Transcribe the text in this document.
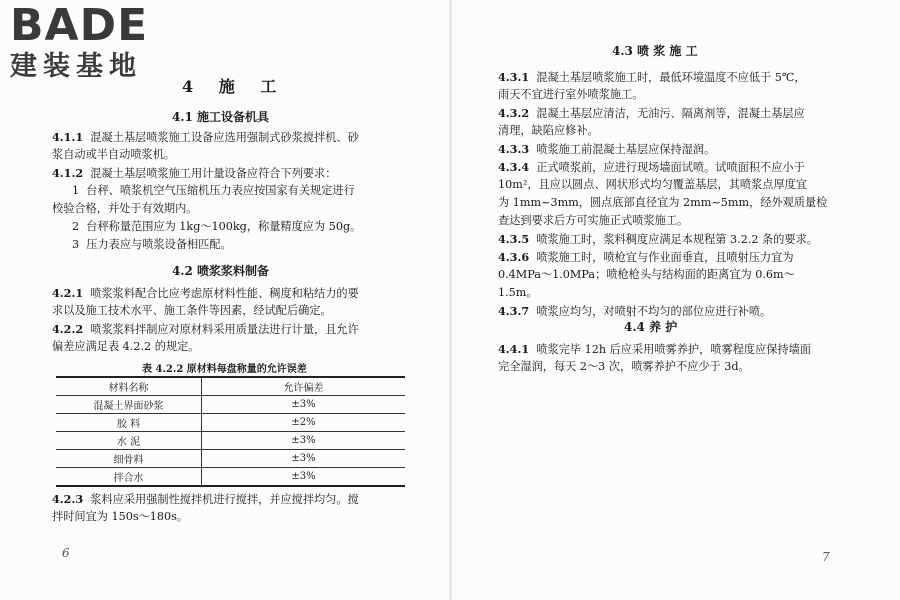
BADE
建装基地
4 施 工
4.1 施工设备机具
4.1.1 混凝土基层喷浆施工设备应选用强制式砂浆搅拌机、砂
浆自动或半自动喷浆机。
4.1.2 混凝土基层喷浆施工用计量设备应符合下列要求：
1 台秤、喷浆机空气压缩机压力表应按国家有关规定进行
校验合格，并处于有效期内。
2 台秤称量范围应为 1kg～100kg，称量精度应为 50g。
3 压力表应与喷浆设备相匹配。
4.2 喷浆浆料制备
4.2.1 喷浆浆料配合比应考虑原材料性能、稠度和粘结力的要
求以及施工技术水平、施工条件等因素，经试配后确定。
4.2.2 喷浆浆料拌制应对原材料采用质量法进行计量，且允许
偏差应满足表 4.2.2 的规定。
表 4.2.2 原材料每盘称量的允许误差
材料名称	允许偏差
混凝土界面砂浆	±3%
胶 料	±2%
水 泥	±3%
细骨料	±3%
拌合水	±3%
4.2.3 浆料应采用强制性搅拌机进行搅拌，并应搅拌均匀。搅
拌时间宜为 150s～180s。
6
4.3 喷 浆 施 工
4.3.1 混凝土基层喷浆施工时，最低环境温度不应低于 5℃，
雨天不宜进行室外喷浆施工。
4.3.2 混凝土基层应清洁，无油污、隔离剂等，混凝土基层应
清理，缺陷应修补。
4.3.3 喷浆施工前混凝土基层应保持湿润。
4.3.4 正式喷浆前，应进行现场墙面试喷。试喷面积不应小于
10m²，且应以圆点、网状形式均匀覆盖基层，其喷浆点厚度宜
为 1mm~3mm，圆点底部直径宜为 2mm~5mm，经外观质量检
查达到要求后方可实施正式喷浆施工。
4.3.5 喷浆施工时，浆料稠度应满足本规程第 3.2.2 条的要求。
4.3.6 喷浆施工时，喷枪宜与作业面垂直，且喷射压力宜为
0.4MPa～1.0MPa；喷枪枪头与结构面的距离宜为 0.6m～
1.5m。
4.3.7 喷浆应均匀，对喷射不均匀的部位应进行补喷。
4.4 养 护
4.4.1 喷浆完毕 12h 后应采用喷雾养护，喷雾程度应保持墙面
完全湿润，每天 2～3 次，喷雾养护不应少于 3d。
7
